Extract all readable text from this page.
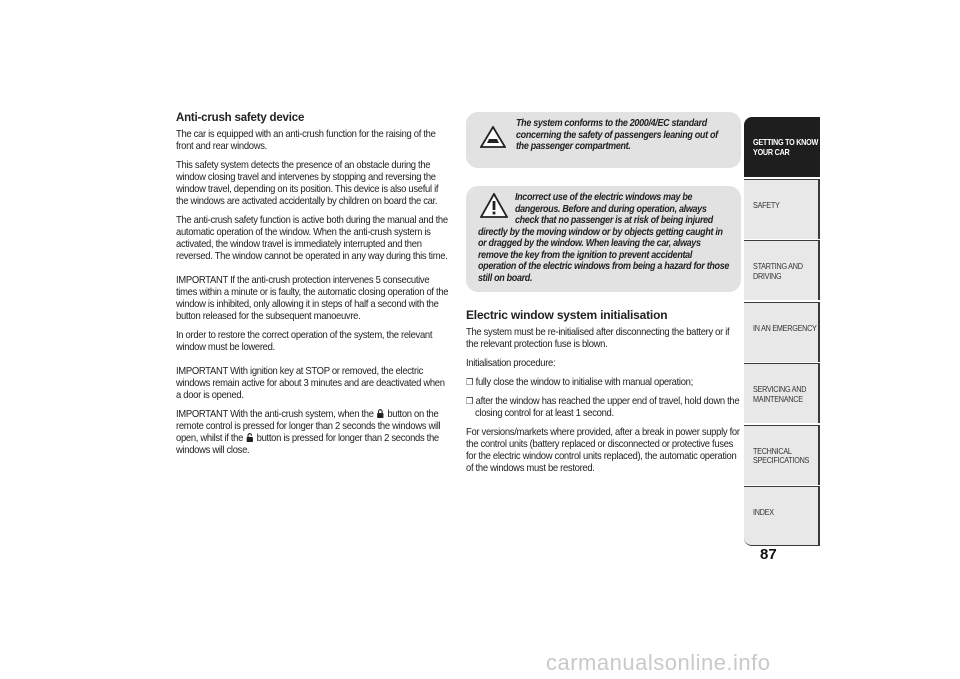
Anti-crush safety device
The car is equipped with an anti-crush function for the raising of the front and rear windows.
This safety system detects the presence of an obstacle during the window closing travel and intervenes by stopping and reversing the window travel, depending on its position. This device is also useful if the windows are activated accidentally by children on board the car.
The anti-crush safety function is active both during the manual and the automatic operation of the window. When the anti-crush system is activated, the window travel is immediately interrupted and then reversed. The window cannot be operated in any way during this time.
IMPORTANT If the anti-crush protection intervenes 5 consecutive times within a minute or is faulty, the automatic closing operation of the window is inhibited, only allowing it in steps of half a second with the button released for the subsequent manoeuvre.
In order to restore the correct operation of the system, the relevant window must be lowered.
IMPORTANT With ignition key at STOP or removed, the electric windows remain active for about 3 minutes and are deactivated when a door is opened.
IMPORTANT With the anti-crush system, when the button on the remote control is pressed for longer than 2 seconds the windows will open, whilst if the button is pressed for longer than 2 seconds the windows will close.
The system conforms to the 2000/4/EC standard concerning the safety of passengers leaning out of the passenger compartment.
Incorrect use of the electric windows may be dangerous. Before and during operation, always check that no passenger is at risk of being injured directly by the moving window or by objects getting caught in or dragged by the window. When leaving the car, always remove the key from the ignition to prevent accidental operation of the electric windows from being a hazard for those still on board.
Electric window system initialisation
The system must be re-initialised after disconnecting the battery or if the relevant protection fuse is blown.
Initialisation procedure:
❒ fully close the window to initialise with manual operation;
❒ after the window has reached the upper end of travel, hold down the closing control for at least 1 second.
For versions/markets where provided, after a break in power supply for the control units (battery replaced or disconnected or protective fuses for the electric window control units replaced), the automatic operation of the windows must be restored.
GETTING TO KNOW YOUR CAR
SAFETY
STARTING AND DRIVING
IN AN EMERGENCY
SERVICING AND MAINTENANCE
TECHNICAL SPECIFICATIONS
INDEX
87
carmanualsonline.info
